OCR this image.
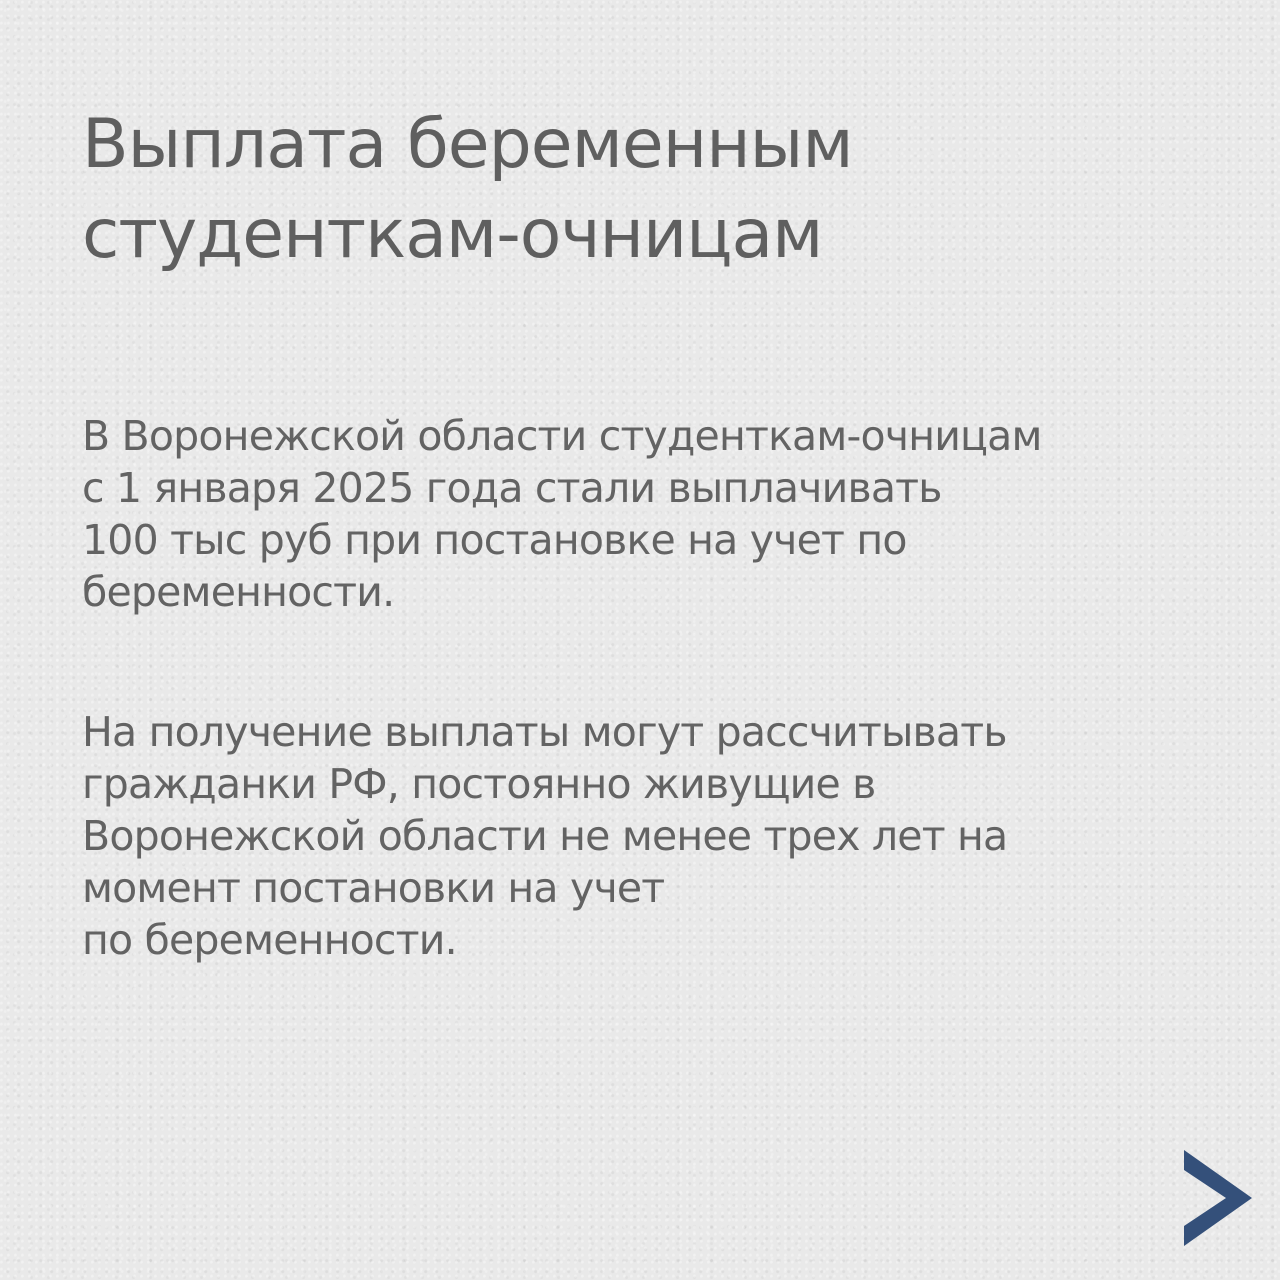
Выплата беременным
студенткам-очницам

В Воронежской области студенткам-очницам
с 1 января 2025 года стали выплачивать
100 тыс руб при постановке на учет по
беременности.

На получение выплаты могут рассчитывать
гражданки РФ, постоянно живущие в
Воронежской области не менее трех лет на
момент постановки на учет
по беременности.
